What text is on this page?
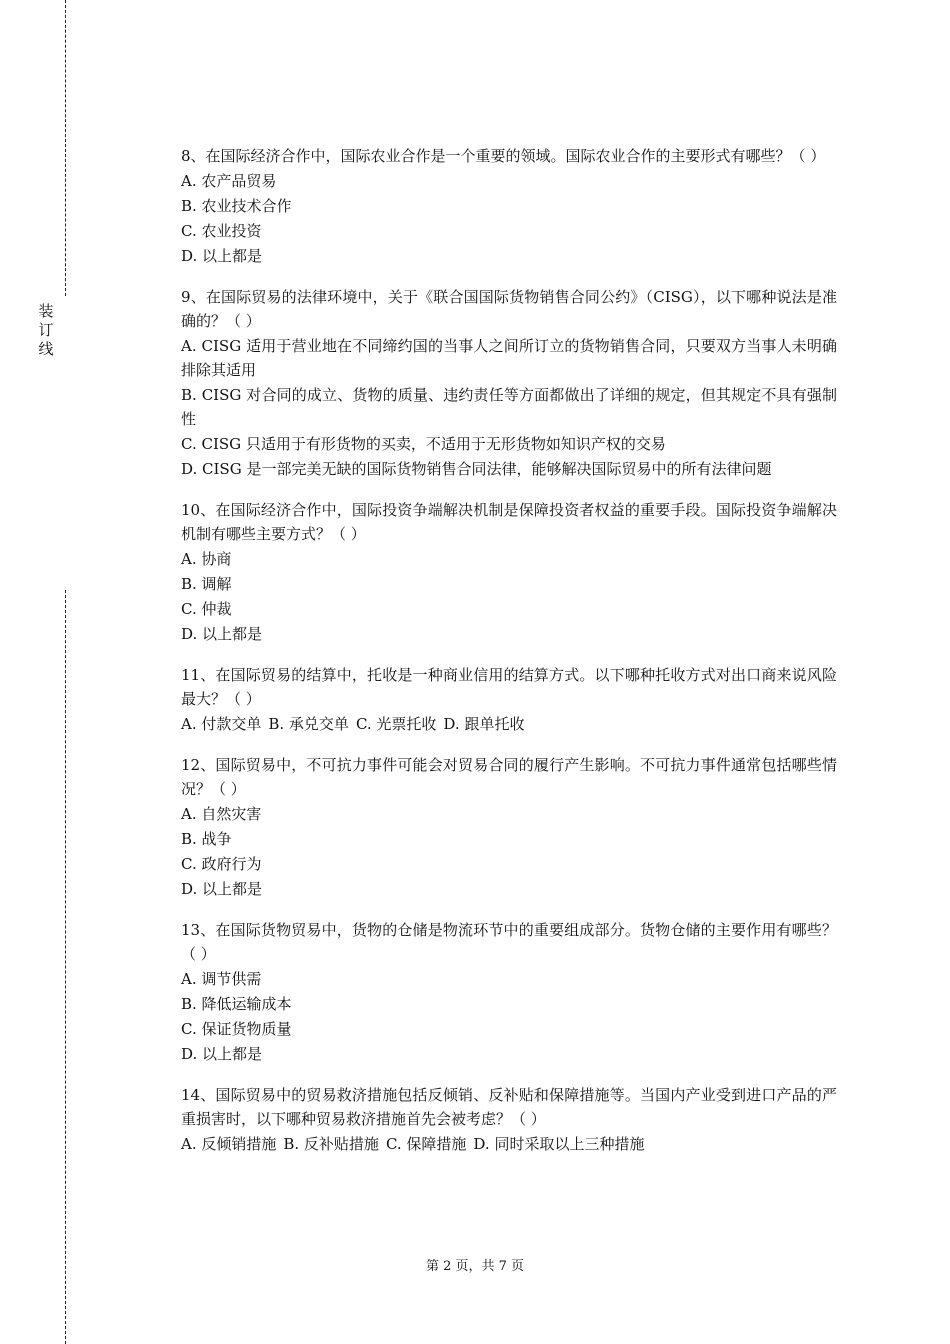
装订线

8、在国际经济合作中，国际农业合作是一个重要的领域。国际农业合作的主要形式有哪些？（ ）

A. 农产品贸易

B. 农业技术合作

C. 农业投资

D. 以上都是

9、在国际贸易的法律环境中，关于《联合国国际货物销售合同公约》（CISG），以下哪种说法是准确的？（ ）

A. CISG 适用于营业地在不同缔约国的当事人之间所订立的货物销售合同，只要双方当事人未明确排除其适用

B. CISG 对合同的成立、货物的质量、违约责任等方面都做出了详细的规定，但其规定不具有强制性

C. CISG 只适用于有形货物的买卖，不适用于无形货物如知识产权的交易

D. CISG 是一部完美无缺的国际货物销售合同法律，能够解决国际贸易中的所有法律问题

10、在国际经济合作中，国际投资争端解决机制是保障投资者权益的重要手段。国际投资争端解决机制有哪些主要方式？（ ）

A. 协商

B. 调解

C. 仲裁

D. 以上都是

11、在国际贸易的结算中，托收是一种商业信用的结算方式。以下哪种托收方式对出口商来说风险最大？（ ）

A. 付款交单 B. 承兑交单 C. 光票托收 D. 跟单托收

12、国际贸易中，不可抗力事件可能会对贸易合同的履行产生影响。不可抗力事件通常包括哪些情况？（ ）

A. 自然灾害

B. 战争

C. 政府行为

D. 以上都是

13、在国际货物贸易中，货物的仓储是物流环节中的重要组成部分。货物仓储的主要作用有哪些？（ ）

A. 调节供需

B. 降低运输成本

C. 保证货物质量

D. 以上都是

14、国际贸易中的贸易救济措施包括反倾销、反补贴和保障措施等。当国内产业受到进口产品的严重损害时，以下哪种贸易救济措施首先会被考虑？（ ）

A. 反倾销措施 B. 反补贴措施 C. 保障措施 D. 同时采取以上三种措施

第 2 页，共 7 页
